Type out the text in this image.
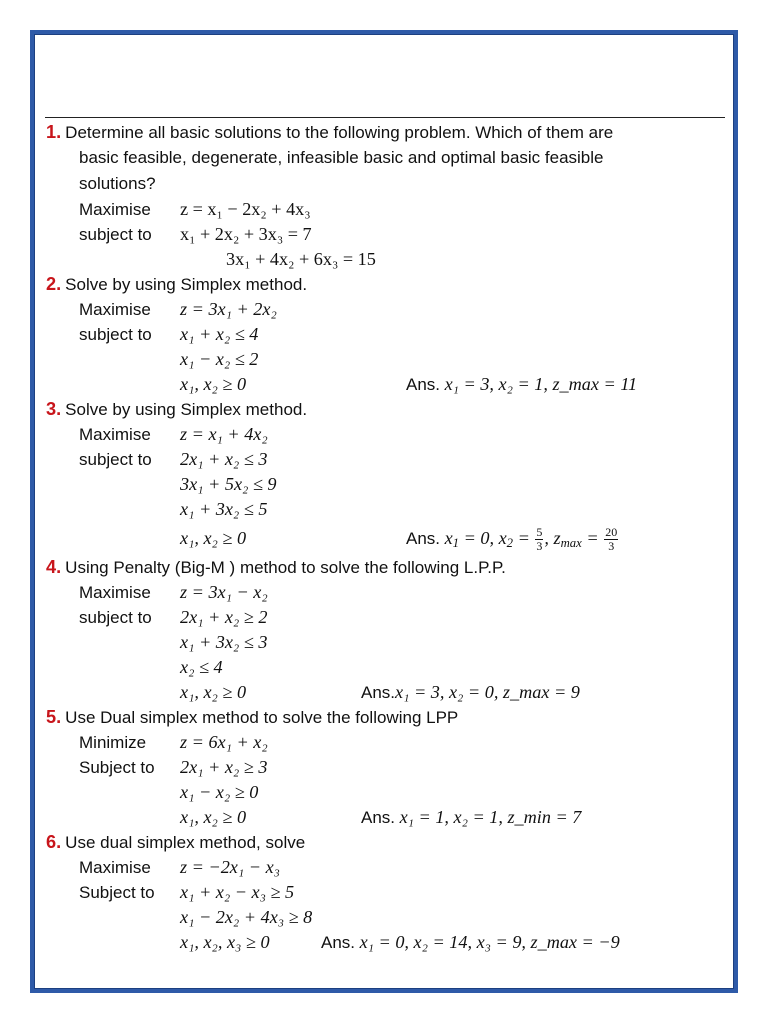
1. Determine all basic solutions to the following problem. Which of them are
basic feasible, degenerate, infeasible basic and optimal basic feasible
solutions?
Maximise z = x₁ − 2x₂ + 4x₃
subject to x₁ + 2x₂ + 3x₃ = 7
3x₁ + 4x₂ + 6x₃ = 15
2. Solve by using Simplex method.
Maximise z = 3x₁ + 2x₂
subject to x₁ + x₂ ≤ 4
x₁ − x₂ ≤ 2
x₁, x₂ ≥ 0	Ans. x₁ = 3, x₂ = 1, z_max = 11
3. Solve by using Simplex method.
Maximise z = x₁ + 4x₂
subject to 2x₁ + x₂ ≤ 3
3x₁ + 5x₂ ≤ 9
x₁ + 3x₂ ≤ 5
x₁, x₂ ≥ 0	Ans. $x_1 = 0$, $x_2 = \frac{5}{3}$ , $z_{max} = \frac{20}{3}$
4. Using Penalty (Big-M ) method to solve the following L.P.P.
Maximise z = 3x₁ − x₂
subject to 2x₁ + x₂ ≥ 2
x₁ + 3x₂ ≤ 3
x₂ ≤ 4
x₁, x₂ ≥ 0	Ans.x₁ = 3, x₂ = 0, z_max = 9
5. Use Dual simplex method to solve the following LPP
Minimize z = 6x₁ + x₂
Subject to 2x₁ + x₂ ≥ 3
x₁ − x₂ ≥ 0
x₁, x₂ ≥ 0	Ans. x₁ = 1, x₂ = 1, z_min = 7
6. Use dual simplex method, solve
Maximise z = −2x₁ − x₃
Subject to x₁ + x₂ − x₃ ≥ 5
x₁ − 2x₂ + 4x₃ ≥ 8
x₁, x₂, x₃ ≥ 0	Ans. x₁ = 0, x₂ = 14, x₃ = 9, z_max = −9
